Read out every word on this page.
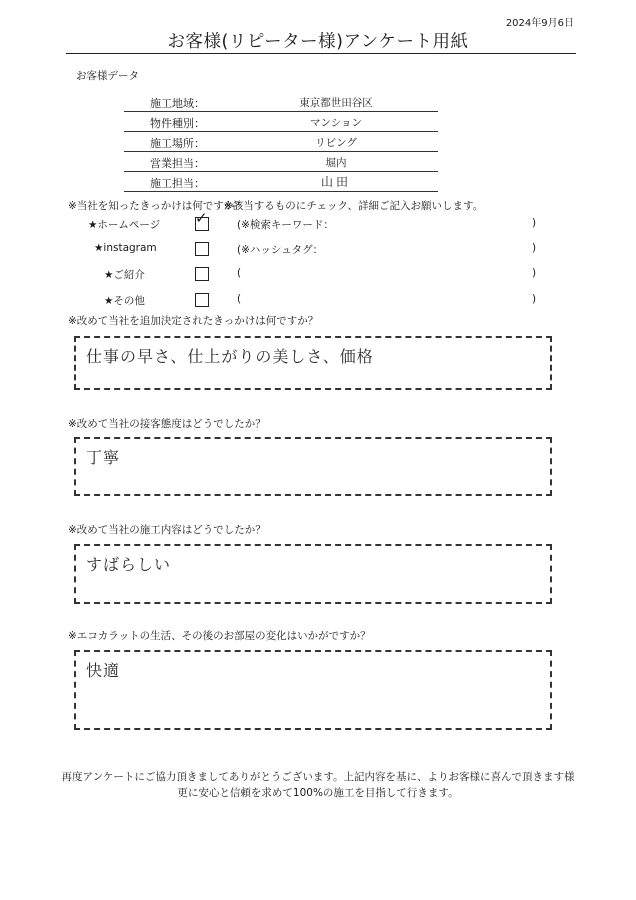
2024年9月6日
お客様(リピーター様)アンケート用紙
お客様データ
施工地域：	東京都世田谷区
物件種別：	マンション
施工場所：	リビング
営業担当：	堀内
施工担当：	山田
※当社を知ったきっかけは何ですか？
※該当するものにチェック、詳細ご記入お願いします。
★ホームページ ✓	(※検索キーワード：	)
★instagram	(※ハッシュタグ：	)
★ご紹介	(	)
★その他	(	)
※改めて当社を追加決定されたきっかけは何ですか？
仕事の早さ、仕上がりの美しさ、価格
※改めて当社の接客態度はどうでしたか？
丁寧
※改めて当社の施工内容はどうでしたか？
すばらしい
※エコカラットの生活、その後のお部屋の変化はいかがですか？
快適
再度アンケートにご協力頂きましてありがとうございます。上記内容を基に、よりお客様に喜んで頂きます様
更に安心と信頼を求めて100%の施工を目指して行きます。
